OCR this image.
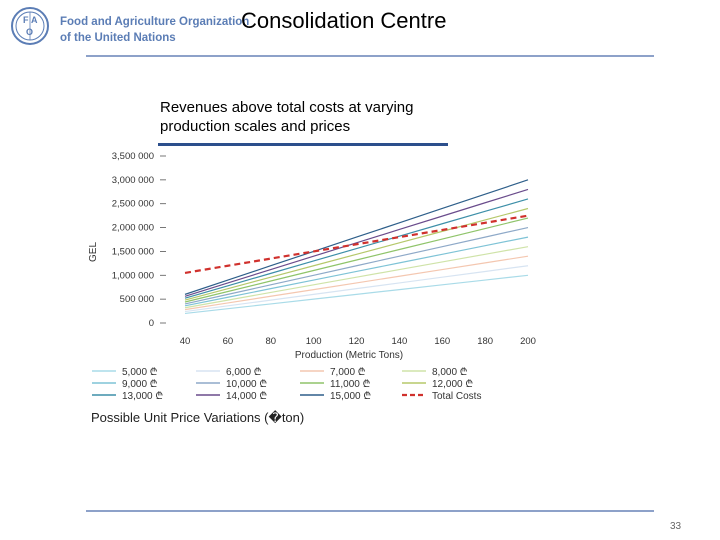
F A
O
Food and Agriculture Organization
of the United Nations
Consolidation Centre
Revenues above total costs at varying production scales and prices
0
500 000
1,000 000
1,500 000
2,000 000
2,500 000
3,000 000
3,500 000
40	60	80	100	120	140	160	180	200
GEL
Production (Metric Tons)
5,000 ₾	6,000 ₾	7,000 ₾	8,000 ₾
9,000 ₾	10,000 ₾	11,000 ₾	12,000 ₾
13,000 ₾	14,000 ₾	15,000 ₾	Total Costs
Possible Unit Price Variations (�ton)
33
